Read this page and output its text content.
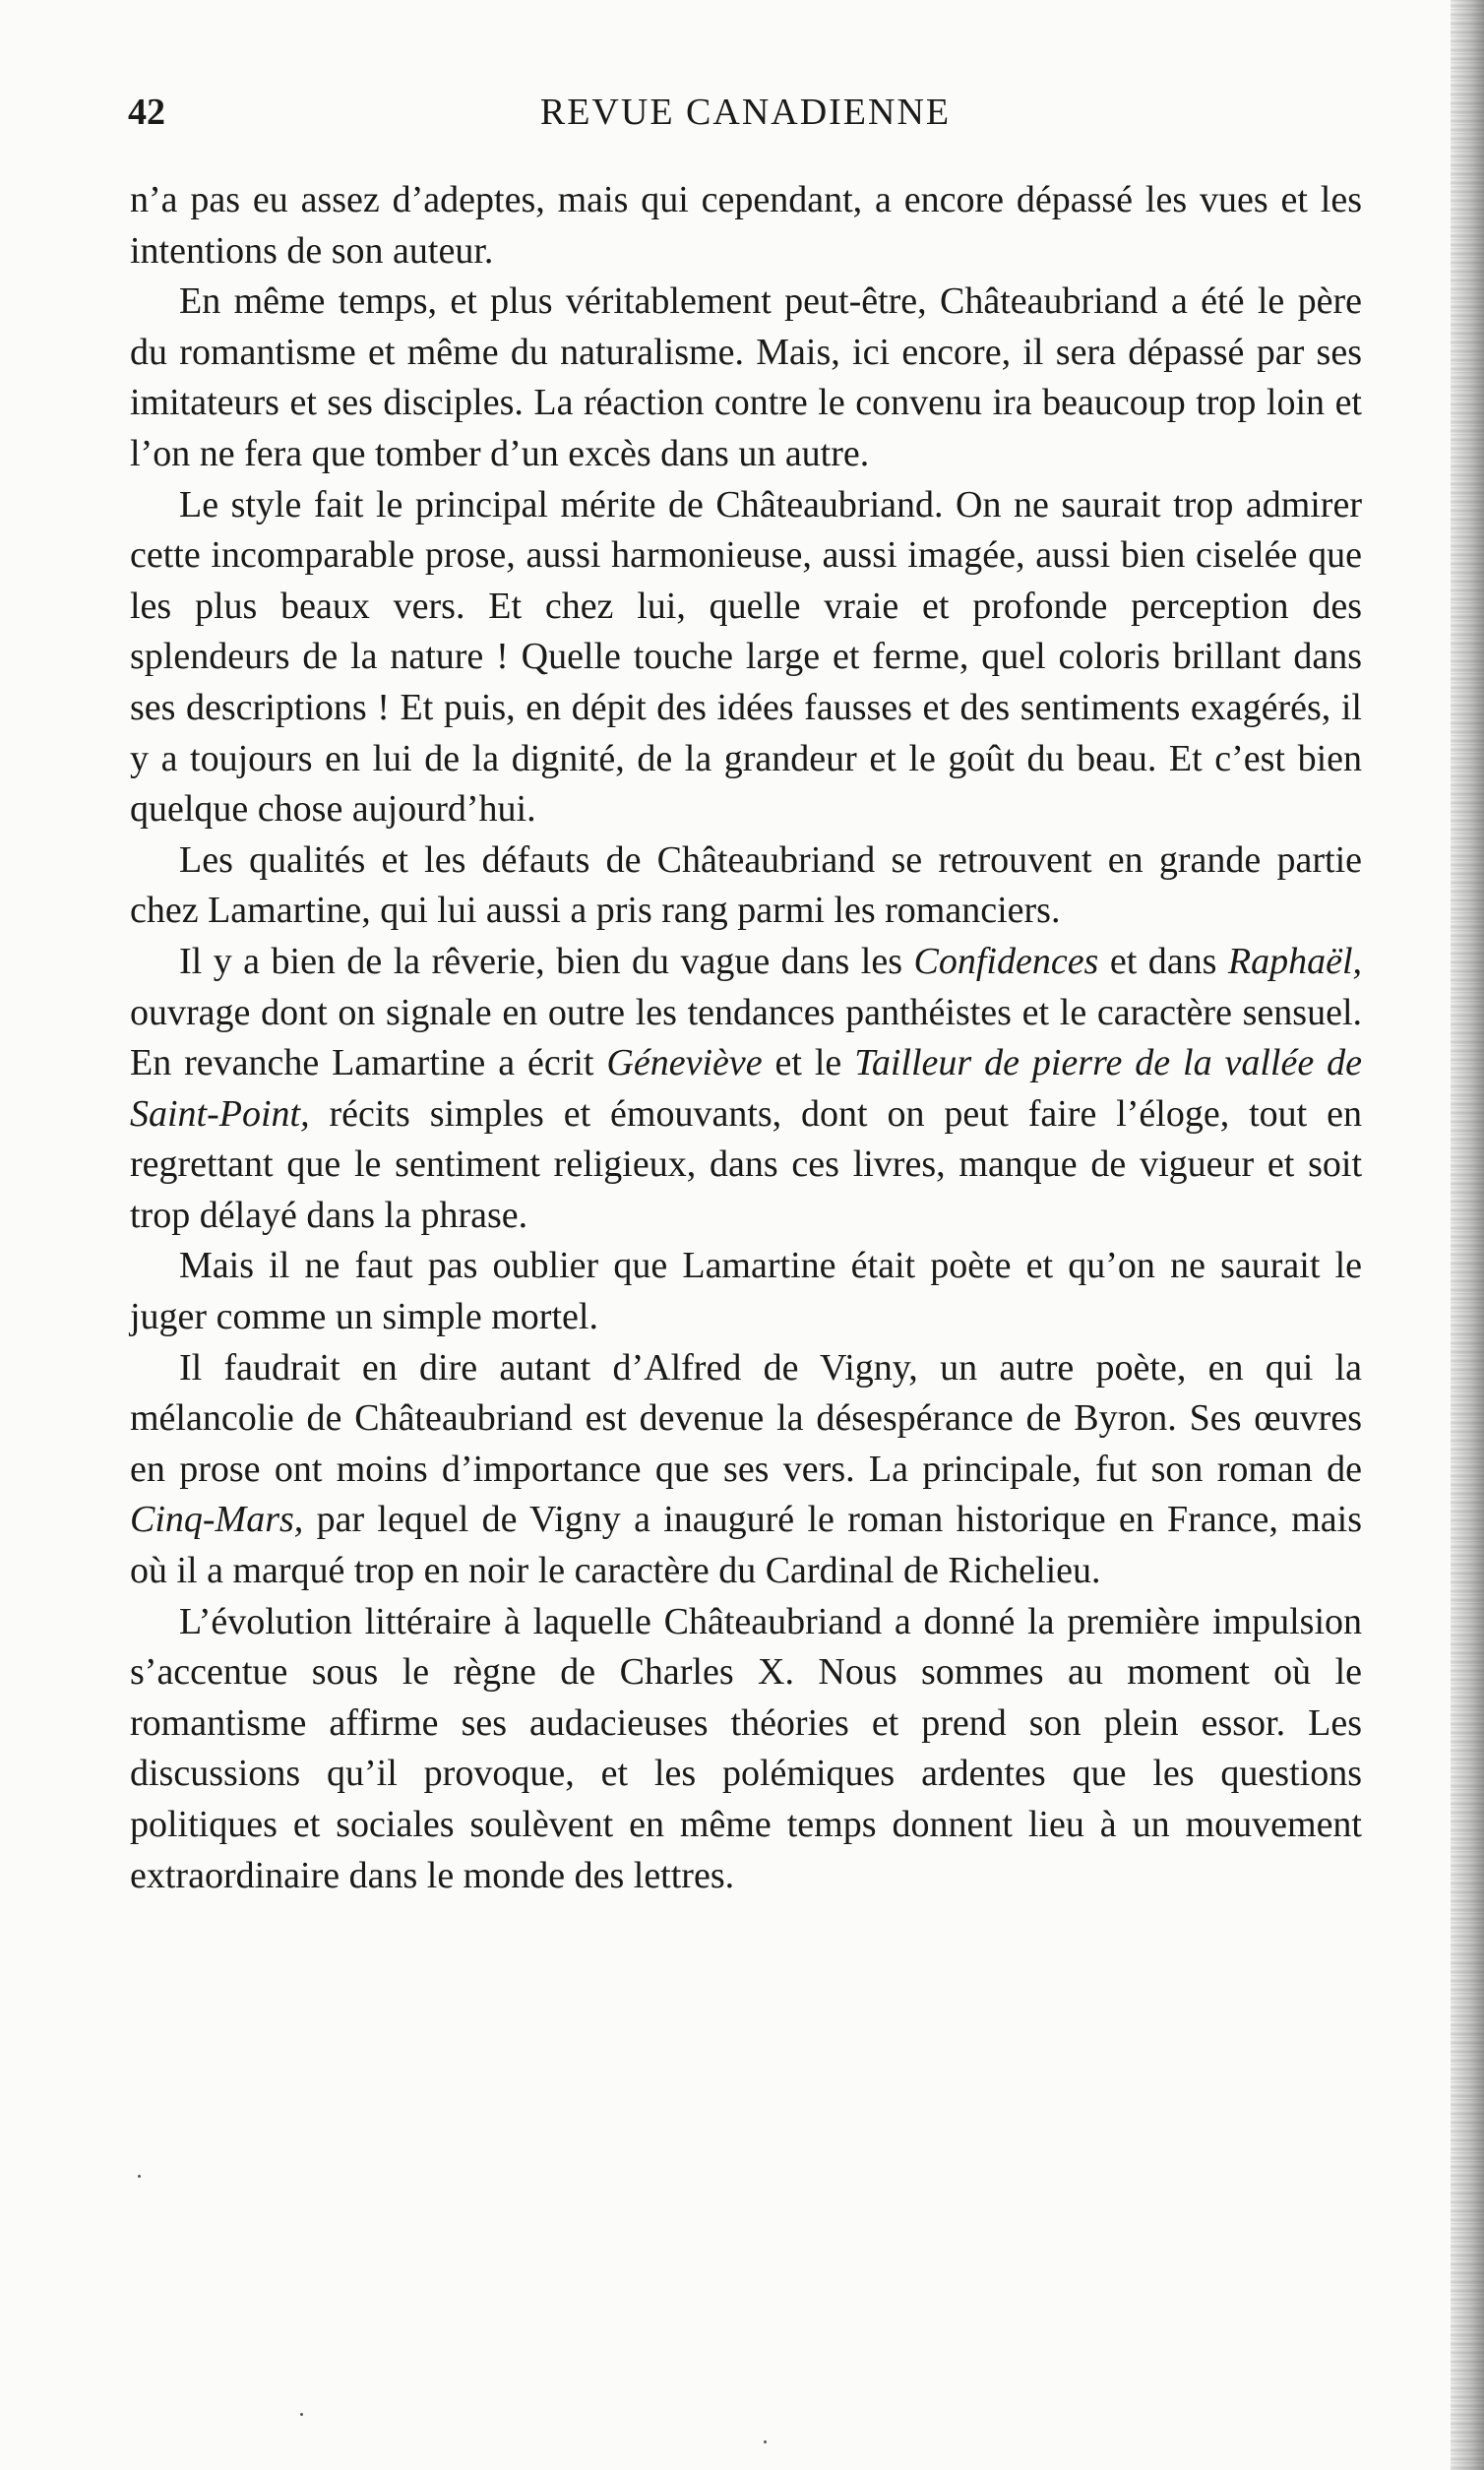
42	REVUE CANADIENNE

n’a pas eu assez d’adeptes, mais qui cependant, a encore dépassé les vues et les intentions de son auteur.

En même temps, et plus véritablement peut-être, Châteaubriand a été le père du romantisme et même du naturalisme. Mais, ici encore, il sera dépassé par ses imitateurs et ses disciples. La réaction contre le convenu ira beaucoup trop loin et l’on ne fera que tomber d’un excès dans un autre.

Le style fait le principal mérite de Châteaubriand. On ne saurait trop admirer cette incomparable prose, aussi harmonieuse, aussi imagée, aussi bien ciselée que les plus beaux vers. Et chez lui, quelle vraie et profonde perception des splendeurs de la nature ! Quelle touche large et ferme, quel coloris brillant dans ses descriptions ! Et puis, en dépit des idées fausses et des sentiments exagérés, il y a toujours en lui de la dignité, de la grandeur et le goût du beau. Et c’est bien quelque chose aujourd’hui.

Les qualités et les défauts de Châteaubriand se retrouvent en grande partie chez Lamartine, qui lui aussi a pris rang parmi les romanciers.

Il y a bien de la rêverie, bien du vague dans les Confidences et dans Raphaël, ouvrage dont on signale en outre les tendances panthéistes et le caractère sensuel. En revanche Lamartine a écrit Géneviève et le Tailleur de pierre de la vallée de Saint-Point, récits simples et émouvants, dont on peut faire l’éloge, tout en regrettant que le sentiment religieux, dans ces livres, manque de vigueur et soit trop délayé dans la phrase.

Mais il ne faut pas oublier que Lamartine était poète et qu’on ne saurait le juger comme un simple mortel.

Il faudrait en dire autant d’Alfred de Vigny, un autre poète, en qui la mélancolie de Châteaubriand est devenue la désespérance de Byron. Ses œuvres en prose ont moins d’importance que ses vers. La principale, fut son roman de Cinq-Mars, par lequel de Vigny a inauguré le roman historique en France, mais où il a marqué trop en noir le caractère du Cardinal de Richelieu.

L’évolution littéraire à laquelle Châteaubriand a donné la première impulsion s’accentue sous le règne de Charles X. Nous sommes au moment où le romantisme affirme ses audacieuses théories et prend son plein essor. Les discussions qu’il provoque, et les polémiques ardentes que les questions politiques et sociales soulèvent en même temps donnent lieu à un mouvement extraordinaire dans le monde des lettres.
